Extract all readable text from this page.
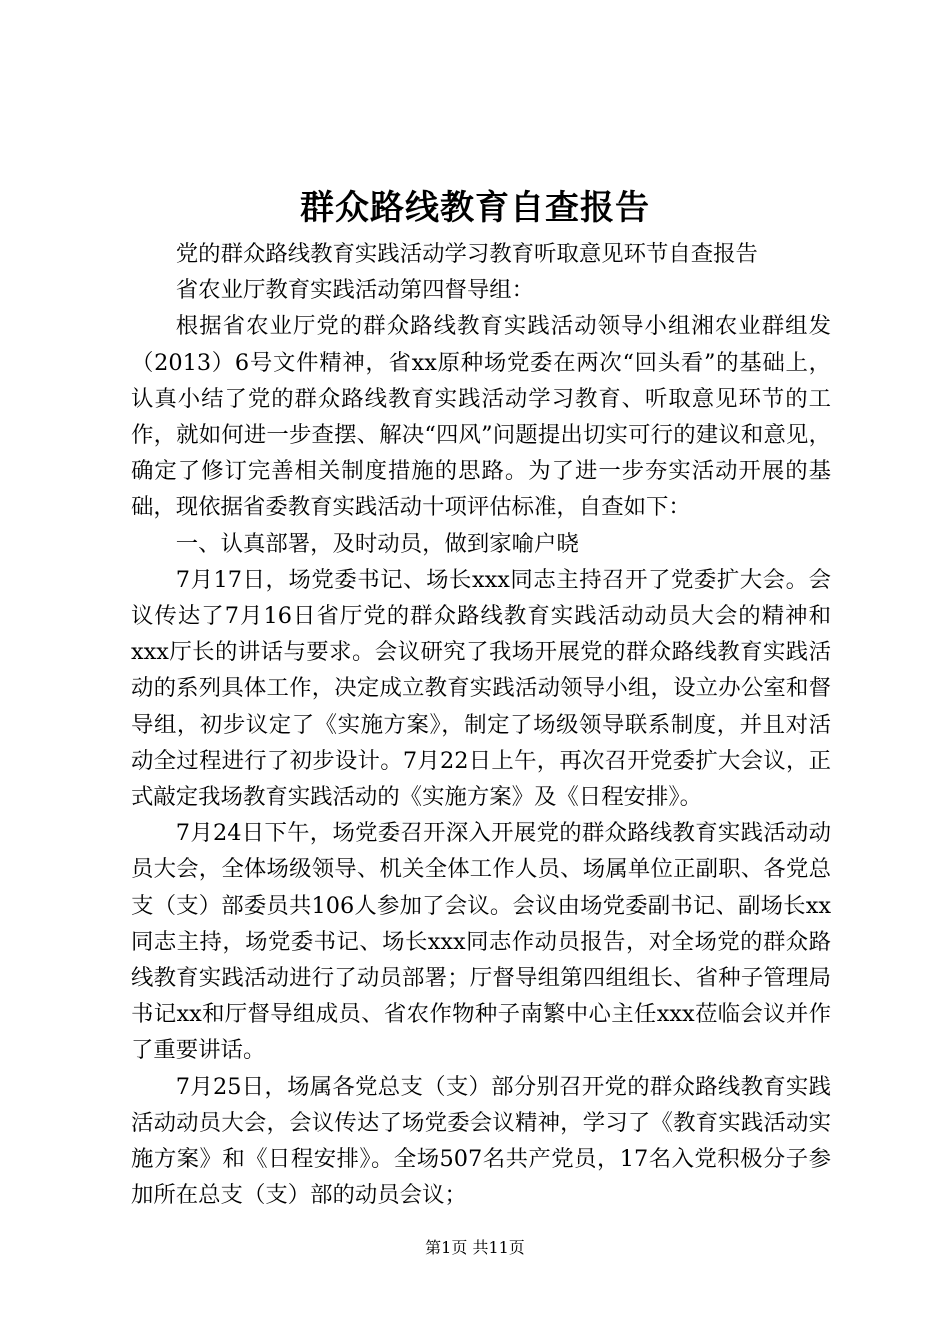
群众路线教育自查报告

党的群众路线教育实践活动学习教育听取意见环节自查报告

省农业厅教育实践活动第四督导组：

根据省农业厅党的群众路线教育实践活动领导小组湘农业群组发（2013）6号文件精神，省xx原种场党委在两次“回头看”的基础上，认真小结了党的群众路线教育实践活动学习教育、听取意见环节的工作，就如何进一步查摆、解决“四风”问题提出切实可行的建议和意见，确定了修订完善相关制度措施的思路。为了进一步夯实活动开展的基础，现依据省委教育实践活动十项评估标准，自查如下：

一、认真部署，及时动员，做到家喻户晓

7月17日，场党委书记、场长xxx同志主持召开了党委扩大会。会议传达了7月16日省厅党的群众路线教育实践活动动员大会的精神和xxx厅长的讲话与要求。会议研究了我场开展党的群众路线教育实践活动的系列具体工作，决定成立教育实践活动领导小组，设立办公室和督导组，初步议定了《实施方案》，制定了场级领导联系制度，并且对活动全过程进行了初步设计。7月22日上午，再次召开党委扩大会议，正式敲定我场教育实践活动的《实施方案》及《日程安排》。

7月24日下午，场党委召开深入开展党的群众路线教育实践活动动员大会，全体场级领导、机关全体工作人员、场属单位正副职、各党总支（支）部委员共106人参加了会议。会议由场党委副书记、副场长xx同志主持，场党委书记、场长xxx同志作动员报告，对全场党的群众路线教育实践活动进行了动员部署；厅督导组第四组组长、省种子管理局书记xx和厅督导组成员、省农作物种子南繁中心主任xxx莅临会议并作了重要讲话。

7月25日，场属各党总支（支）部分别召开党的群众路线教育实践活动动员大会，会议传达了场党委会议精神，学习了《教育实践活动实施方案》和《日程安排》。全场507名共产党员，17名入党积极分子参加所在总支（支）部的动员会议；

第1页 共11页
